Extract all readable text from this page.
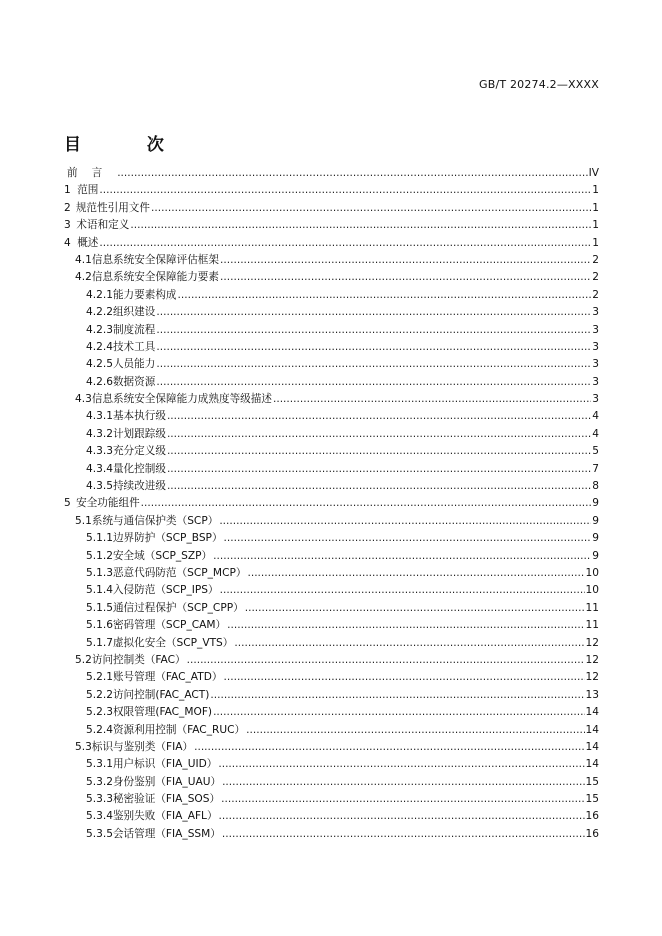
GB/T 20274.2—XXXX
目 次
前言 .....	IV
1 范围 .....	1
2 规范性引用文件 .....	1
3 术语和定义 .....	1
4 概述 .....	1
4.1 信息系统安全保障评估框架 .....	2
4.2 信息系统安全保障能力要素 .....	2
4.2.1 能力要素构成 .....	2
4.2.2 组织建设 .....	3
4.2.3 制度流程 .....	3
4.2.4 技术工具 .....	3
4.2.5 人员能力 .....	3
4.2.6 数据资源 .....	3
4.3 信息系统安全保障能力成熟度等级描述 .....	3
4.3.1 基本执行级 .....	4
4.3.2 计划跟踪级 .....	4
4.3.3 充分定义级 .....	5
4.3.4 量化控制级 .....	7
4.3.5 持续改进级 .....	8
5 安全功能组件 .....	9
5.1 系统与通信保护类（SCP） .....	9
5.1.1 边界防护（SCP_BSP） .....	9
5.1.2 安全域（SCP_SZP） .....	9
5.1.3 恶意代码防范（SCP_MCP） .....	10
5.1.4 入侵防范（SCP_IPS） .....	10
5.1.5 通信过程保护（SCP_CPP） .....	11
5.1.6 密码管理（SCP_CAM） .....	11
5.1.7 虚拟化安全（SCP_VTS） .....	12
5.2 访问控制类（FAC） .....	12
5.2.1 账号管理（FAC_ATD） .....	12
5.2.2 访问控制(FAC_ACT) .....	13
5.2.3 权限管理(FAC_MOF) .....	14
5.2.4 资源利用控制（FAC_RUC） .....	14
5.3 标识与鉴别类（FIA） .....	14
5.3.1 用户标识（FIA_UID） .....	14
5.3.2 身份鉴别（FIA_UAU） .....	15
5.3.3 秘密验证（FIA_SOS） .....	15
5.3.4 鉴别失败（FIA_AFL） .....	16
5.3.5 会话管理（FIA_SSM） .....	16
